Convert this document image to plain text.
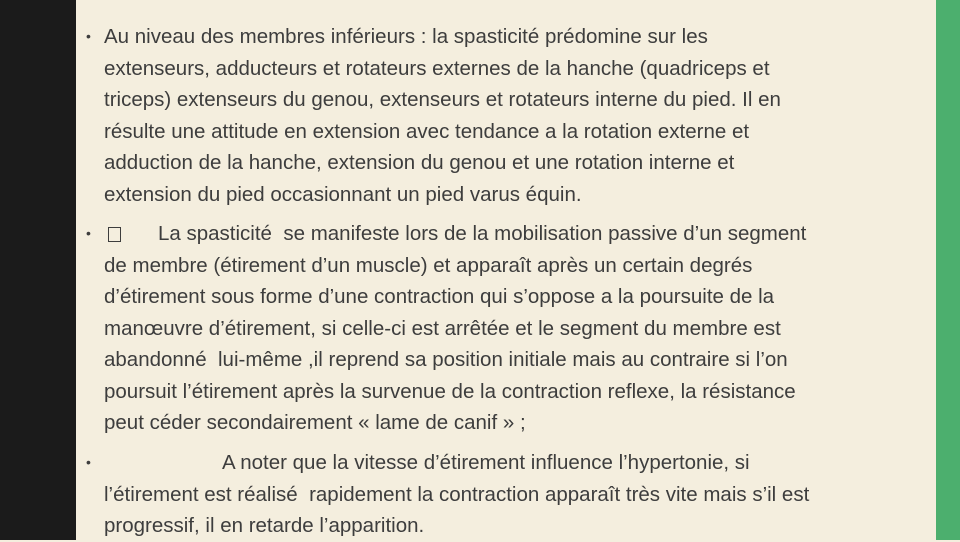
• Au niveau des membres inférieurs : la spasticité prédomine sur les
extenseurs, adducteurs et rotateurs externes de la hanche (quadriceps et
triceps) extenseurs du genou, extenseurs et rotateurs interne du pied. Il en
résulte une attitude en extension avec tendance a la rotation externe et
adduction de la hanche, extension du genou et une rotation interne et
extension du pied occasionnant un pied varus équin.
•	La spasticité  se manifeste lors de la mobilisation passive d’un segment
de membre (étirement d’un muscle) et apparaît après un certain degrés
d’étirement sous forme d’une contraction qui s’oppose a la poursuite de la
manœuvre d’étirement, si celle-ci est arrêtée et le segment du membre est
abandonné  lui-même ,il reprend sa position initiale mais au contraire si l’on
poursuit l’étirement après la survenue de la contraction reflexe, la résistance
peut céder secondairement « lame de canif » ;
•	A noter que la vitesse d’étirement influence l’hypertonie, si
l’étirement est réalisé  rapidement la contraction apparaît très vite mais s’il est
progressif, il en retarde l’apparition.
